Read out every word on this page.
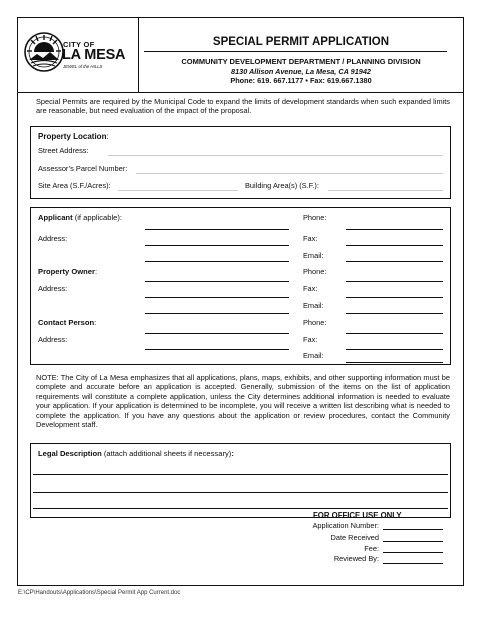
CITY OF
LA MESA
JEWEL of the HILLS
SPECIAL PERMIT APPLICATION
COMMUNITY DEVELOPMENT DEPARTMENT / PLANNING DIVISION
8130 Allison Avenue, La Mesa, CA 91942
Phone: 619. 667.1177 • Fax: 619.667.1380
Special Permits are required by the Municipal Code to expand the limits of development standards when such expanded limits are reasonable, but need evaluation of the impact of the proposal.
Property Location:
Street Address:
Assessor’s Parcel Number:
Site Area (S.F./Acres):	Building Area(s) (S.F.):
Applicant (if applicable):
Address:
Phone:
Fax:
Email:
Property Owner:
Address:
Phone:
Fax:
Email:
Contact Person:
Address:
Phone:
Fax:
Email:
NOTE: The City of La Mesa emphasizes that all applications, plans, maps, exhibits, and other supporting information must be complete and accurate before an application is accepted. Generally, submission of the items on the list of application requirements will constitute a complete application, unless the City determines additional information is needed to evaluate your application. If your application is determined to be incomplete, you will receive a written list describing what is needed to complete the application. If you have any questions about the application or review procedures, contact the Community Development staff.
Legal Description (attach additional sheets if necessary):
FOR OFFICE USE ONLY
Application Number:
Date Received
Fee:
Reviewed By:
E:\CP\Handouts\Applications\Special Permit App Current.doc
